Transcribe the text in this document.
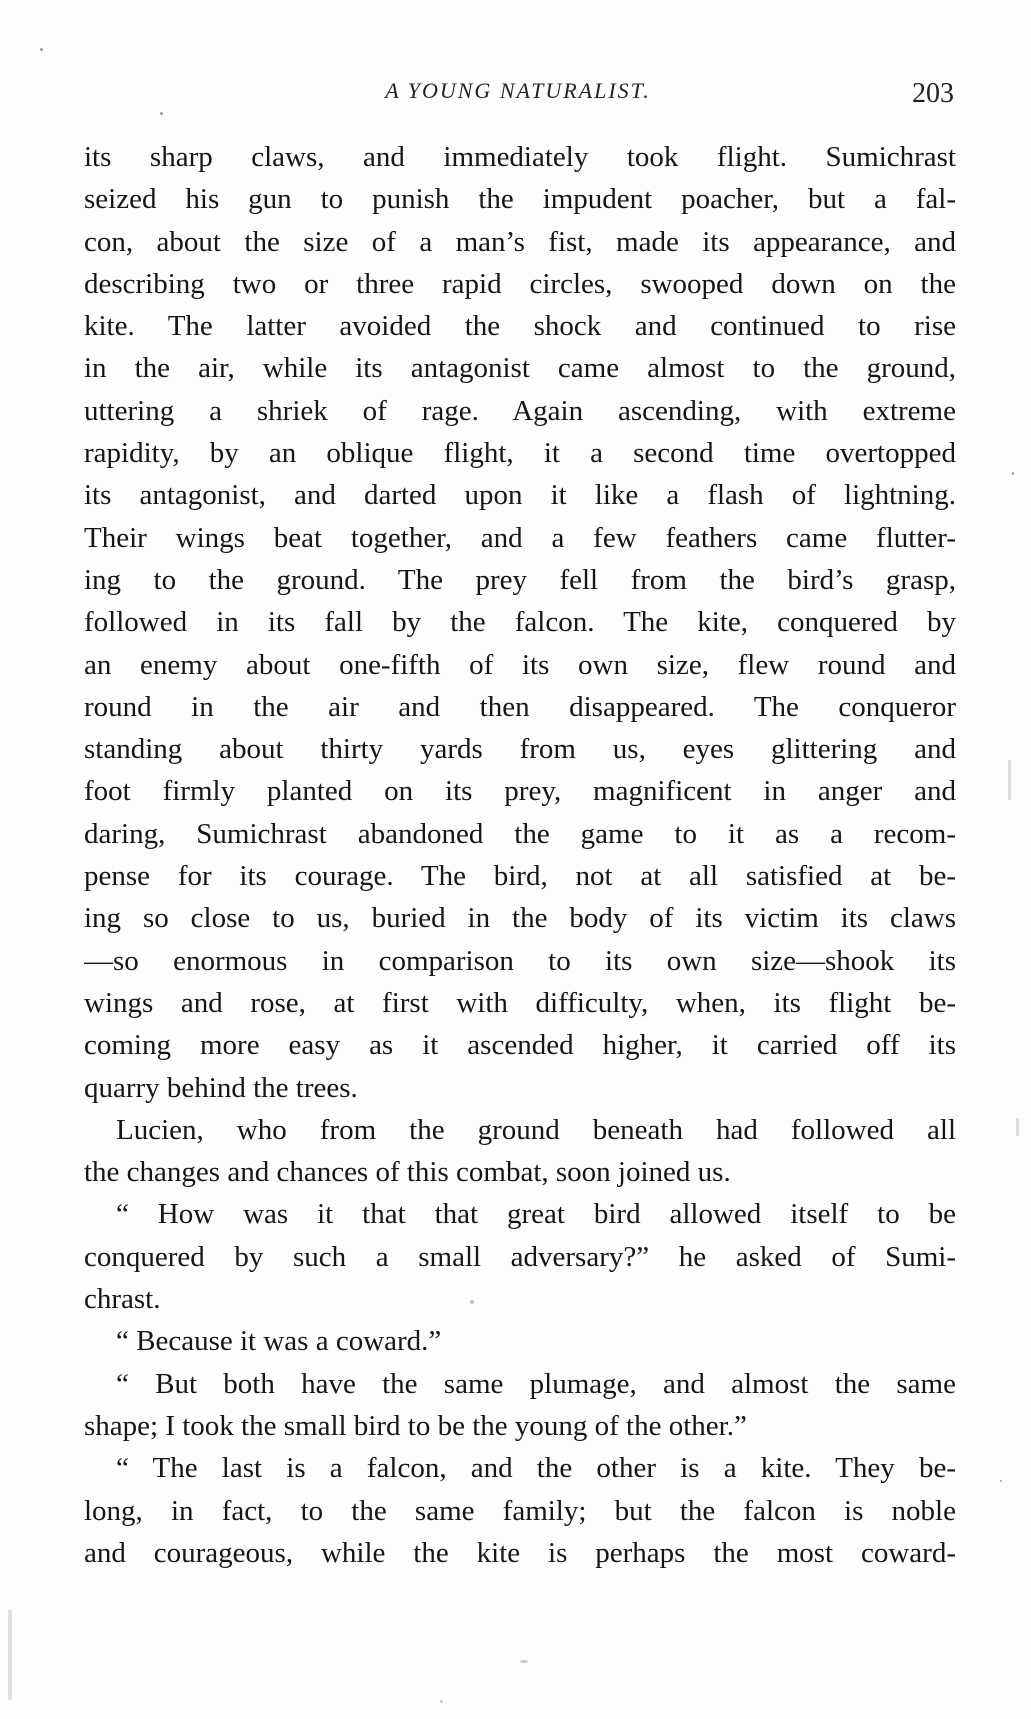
A YOUNG NATURALIST.	203
its sharp claws, and immediately took flight. Sumichrast
seized his gun to punish the impudent poacher, but a fal-
con, about the size of a man’s fist, made its appearance, and
describing two or three rapid circles, swooped down on the
kite. The latter avoided the shock and continued to rise
in the air, while its antagonist came almost to the ground,
uttering a shriek of rage. Again ascending, with extreme
rapidity, by an oblique flight, it a second time overtopped
its antagonist, and darted upon it like a flash of lightning.
Their wings beat together, and a few feathers came flutter-
ing to the ground. The prey fell from the bird’s grasp,
followed in its fall by the falcon. The kite, conquered by
an enemy about one-fifth of its own size, flew round and
round in the air and then disappeared. The conqueror
standing about thirty yards from us, eyes glittering and
foot firmly planted on its prey, magnificent in anger and
daring, Sumichrast abandoned the game to it as a recom-
pense for its courage. The bird, not at all satisfied at be-
ing so close to us, buried in the body of its victim its claws
—so enormous in comparison to its own size—shook its
wings and rose, at first with difficulty, when, its flight be-
coming more easy as it ascended higher, it carried off its
quarry behind the trees.
Lucien, who from the ground beneath had followed all
the changes and chances of this combat, soon joined us.
“ How was it that that great bird allowed itself to be
conquered by such a small adversary?” he asked of Sumi-
chrast.
“ Because it was a coward.”
“ But both have the same plumage, and almost the same
shape; I took the small bird to be the young of the other.”
“ The last is a falcon, and the other is a kite. They be-
long, in fact, to the same family; but the falcon is noble
and courageous, while the kite is perhaps the most coward-
